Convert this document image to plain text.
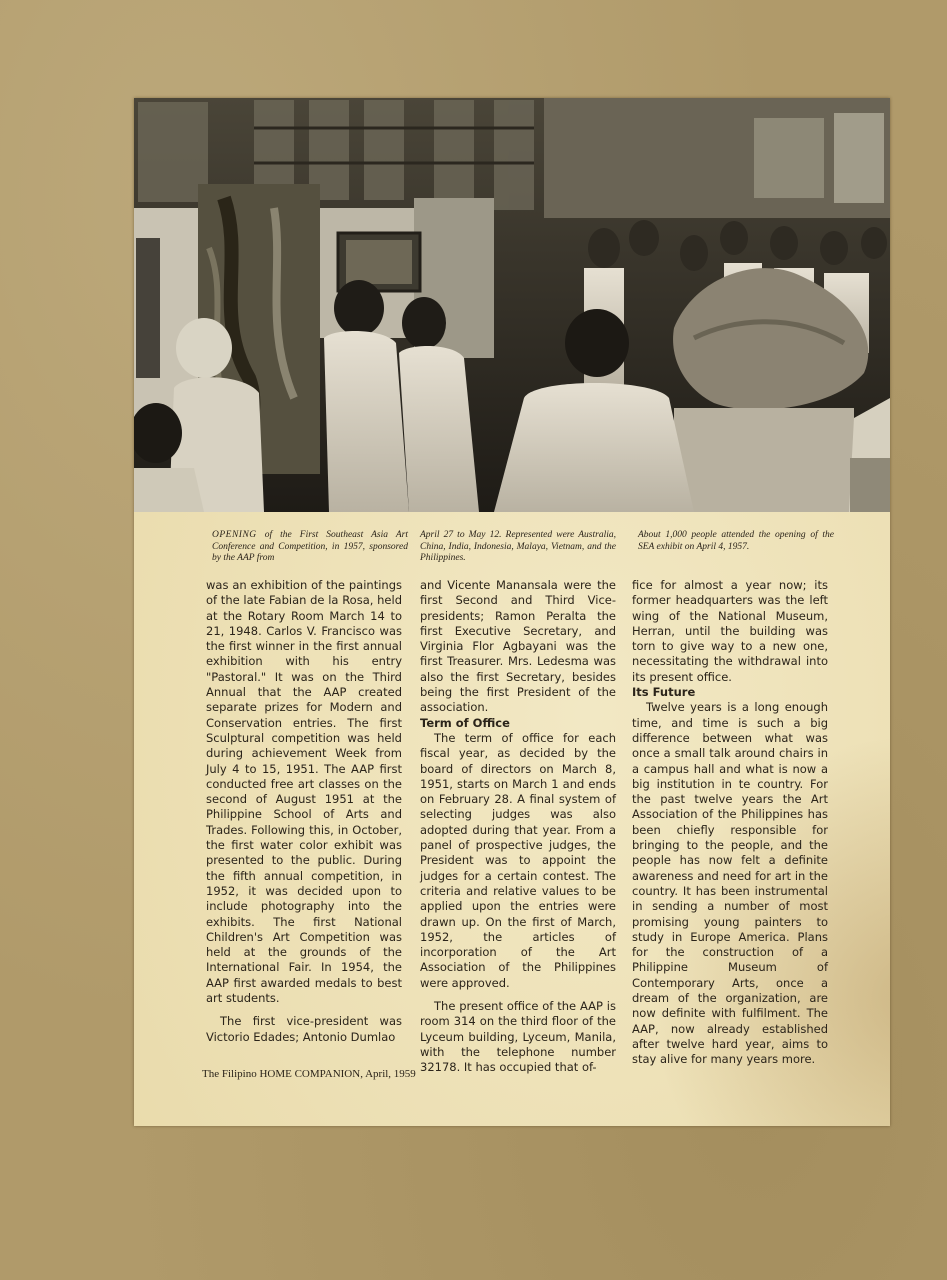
OPENING of the First Southeast Asia Art Conference and Competition, in 1957, sponsored by the AAP from
April 27 to May 12. Represented were Australia, China, India, Indonesia, Malaya, Vietnam, and the Philippines.
About 1,000 people attended the opening of the SEA exhibit on April 4, 1957.

was an exhibition of the paintings of the late Fabian de la Rosa, held at the Rotary Room March 14 to 21, 1948. Carlos V. Francisco was the first winner in the first annual exhibition with his entry "Pastoral." It was on the Third Annual that the AAP created separate prizes for Modern and Conservation entries. The first Sculptural competition was held during achievement Week from July 4 to 15, 1951. The AAP first conducted free art classes on the second of August 1951 at the Philippine School of Arts and Trades. Following this, in October, the first water color exhibit was presented to the public. During the fifth annual competition, in 1952, it was decided upon to include photography into the exhibits. The first National Children's Art Competition was held at the grounds of the International Fair. In 1954, the AAP first awarded medals to best art students.

The first vice-president was Victorio Edades; Antonio Dumlao

and Vicente Manansala were the first Second and Third Vice-presidents; Ramon Peralta the first Executive Secretary, and Virginia Flor Agbayani was the first Treasurer. Mrs. Ledesma was also the first Secretary, besides being the first President of the association.

Term of Office

The term of office for each fiscal year, as decided by the board of directors on March 8, 1951, starts on March 1 and ends on February 28. A final system of selecting judges was also adopted during that year. From a panel of prospective judges, the President was to appoint the judges for a certain contest. The criteria and relative values to be applied upon the entries were drawn up. On the first of March, 1952, the articles of incorporation of the Art Association of the Philippines were approved.

The present office of the AAP is room 314 on the third floor of the Lyceum building, Lyceum, Manila, with the telephone number 32178. It has occupied that of-

fice for almost a year now; its former headquarters was the left wing of the National Museum, Herran, until the building was torn to give way to a new one, necessitating the withdrawal into its present office.

Its Future

Twelve years is a long enough time, and time is such a big difference between what was once a small talk around chairs in a campus hall and what is now a big institution in te country. For the past twelve years the Art Association of the Philippines has been chiefly responsible for bringing to the people, and the people has now felt a definite awareness and need for art in the country. It has been instrumental in sending a number of most promising young painters to study in Europe America. Plans for the construction of a Philippine Museum of Contemporary Arts, once a dream of the organization, are now definite with fulfilment. The AAP, now already established after twelve hard year, aims to stay alive for many years more.

The Filipino HOME COMPANION, April, 1959
